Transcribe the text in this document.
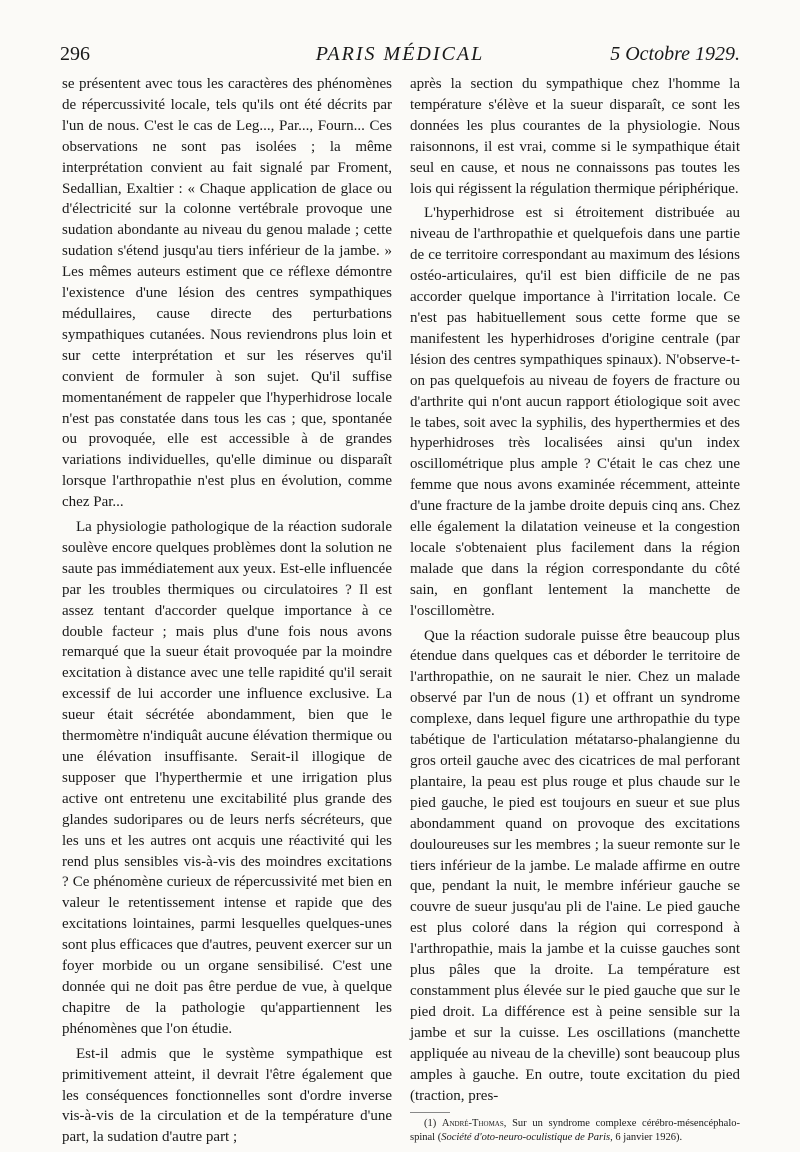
296	PARIS MÉDICAL	5 Octobre 1929.

se présentent avec tous les caractères des phénomènes de répercussivité locale, tels qu'ils ont été décrits par l'un de nous. C'est le cas de Leg..., Par..., Fourn... Ces observations ne sont pas isolées ; la même interprétation convient au fait signalé par Froment, Sedallian, Exaltier : « Chaque application de glace ou d'électricité sur la colonne vertébrale provoque une sudation abondante au niveau du genou malade ; cette sudation s'étend jusqu'au tiers inférieur de la jambe. » Les mêmes auteurs estiment que ce réflexe démontre l'existence d'une lésion des centres sympathiques médullaires, cause directe des perturbations sympathiques cutanées. Nous reviendrons plus loin et sur cette interprétation et sur les réserves qu'il convient de formuler à son sujet. Qu'il suffise momentanément de rappeler que l'hyperhidrose locale n'est pas constatée dans tous les cas ; que, spontanée ou provoquée, elle est accessible à de grandes variations individuelles, qu'elle diminue ou disparaît lorsque l'arthropathie n'est plus en évolution, comme chez Par...

La physiologie pathologique de la réaction sudorale soulève encore quelques problèmes dont la solution ne saute pas immédiatement aux yeux. Est-elle influencée par les troubles thermiques ou circulatoires ? Il est assez tentant d'accorder quelque importance à ce double facteur ; mais plus d'une fois nous avons remarqué que la sueur était provoquée par la moindre excitation à distance avec une telle rapidité qu'il serait excessif de lui accorder une influence exclusive. La sueur était sécrétée abondamment, bien que le thermomètre n'indiquât aucune élévation thermique ou une élévation insuffisante. Serait-il illogique de supposer que l'hyperthermie et une irrigation plus active ont entretenu une excitabilité plus grande des glandes sudoripares ou de leurs nerfs sécréteurs, que les uns et les autres ont acquis une réactivité qui les rend plus sensibles vis-à-vis des moindres excitations ? Ce phénomène curieux de répercussivité met bien en valeur le retentissement intense et rapide que des excitations lointaines, parmi lesquelles quelques-unes sont plus efficaces que d'autres, peuvent exercer sur un foyer morbide ou un organe sensibilisé. C'est une donnée qui ne doit pas être perdue de vue, à quelque chapitre de la pathologie qu'appartiennent les phénomènes que l'on étudie.

Est-il admis que le système sympathique est primitivement atteint, il devrait l'être également que les conséquences fonctionnelles sont d'ordre inverse vis-à-vis de la circulation et de la température d'une part, la sudation d'autre part ;

après la section du sympathique chez l'homme la température s'élève et la sueur disparaît, ce sont les données les plus courantes de la physiologie. Nous raisonnons, il est vrai, comme si le sympathique était seul en cause, et nous ne connaissons pas toutes les lois qui régissent la régulation thermique périphérique.

L'hyperhidrose est si étroitement distribuée au niveau de l'arthropathie et quelquefois dans une partie de ce territoire correspondant au maximum des lésions ostéo-articulaires, qu'il est bien difficile de ne pas accorder quelque importance à l'irritation locale. Ce n'est pas habituellement sous cette forme que se manifestent les hyperhidroses d'origine centrale (par lésion des centres sympathiques spinaux). N'observe-t-on pas quelquefois au niveau de foyers de fracture ou d'arthrite qui n'ont aucun rapport étiologique soit avec le tabes, soit avec la syphilis, des hyperthermies et des hyperhidroses très localisées ainsi qu'un index oscillométrique plus ample ? C'était le cas chez une femme que nous avons examinée récemment, atteinte d'une fracture de la jambe droite depuis cinq ans. Chez elle également la dilatation veineuse et la congestion locale s'obtenaient plus facilement dans la région malade que dans la région correspondante du côté sain, en gonflant lentement la manchette de l'oscillomètre.

Que la réaction sudorale puisse être beaucoup plus étendue dans quelques cas et déborder le territoire de l'arthropathie, on ne saurait le nier. Chez un malade observé par l'un de nous (1) et offrant un syndrome complexe, dans lequel figure une arthropathie du type tabétique de l'articulation métatarso-phalangienne du gros orteil gauche avec des cicatrices de mal perforant plantaire, la peau est plus rouge et plus chaude sur le pied gauche, le pied est toujours en sueur et sue plus abondamment quand on provoque des excitations douloureuses sur les membres ; la sueur remonte sur le tiers inférieur de la jambe. Le malade affirme en outre que, pendant la nuit, le membre inférieur gauche se couvre de sueur jusqu'au pli de l'aine. Le pied gauche est plus coloré dans la région qui correspond à l'arthropathie, mais la jambe et la cuisse gauches sont plus pâles que la droite. La température est constamment plus élevée sur le pied gauche que sur le pied droit. La différence est à peine sensible sur la jambe et sur la cuisse. Les oscillations (manchette appliquée au niveau de la cheville) sont beaucoup plus amples à gauche. En outre, toute excitation du pied (traction, pres-

(1) André-Thomas, Sur un syndrome complexe cérébro-mésencéphalo-spinal (Société d'oto-neuro-oculistique de Paris, 6 janvier 1926).
